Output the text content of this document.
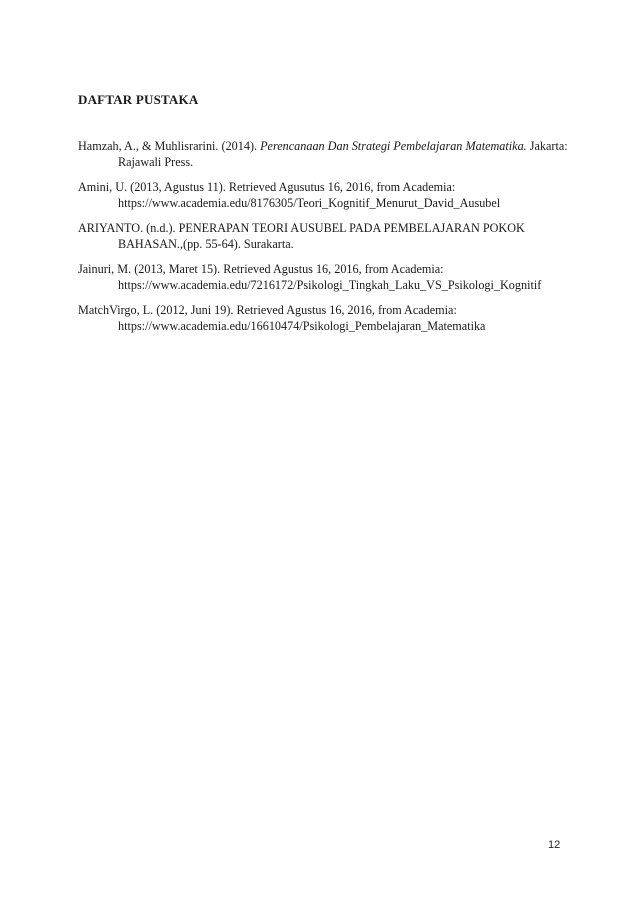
DAFTAR PUSTAKA
Hamzah, A., & Muhlisrarini. (2014). Perencanaan Dan Strategi Pembelajaran Matematika. Jakarta:
Rajawali Press.
Amini, U. (2013, Agustus 11). Retrieved Agusutus 16, 2016, from Academia:
https://www.academia.edu/8176305/Teori_Kognitif_Menurut_David_Ausubel
ARIYANTO. (n.d.). PENERAPAN TEORI AUSUBEL PADA PEMBELAJARAN POKOK
BAHASAN.,(pp. 55-64). Surakarta.
Jainuri, M. (2013, Maret 15). Retrieved Agustus 16, 2016, from Academia:
https://www.academia.edu/7216172/Psikologi_Tingkah_Laku_VS_Psikologi_Kognitif
MatchVirgo, L. (2012, Juni 19). Retrieved Agustus 16, 2016, from Academia:
https://www.academia.edu/16610474/Psikologi_Pembelajaran_Matematika
12
